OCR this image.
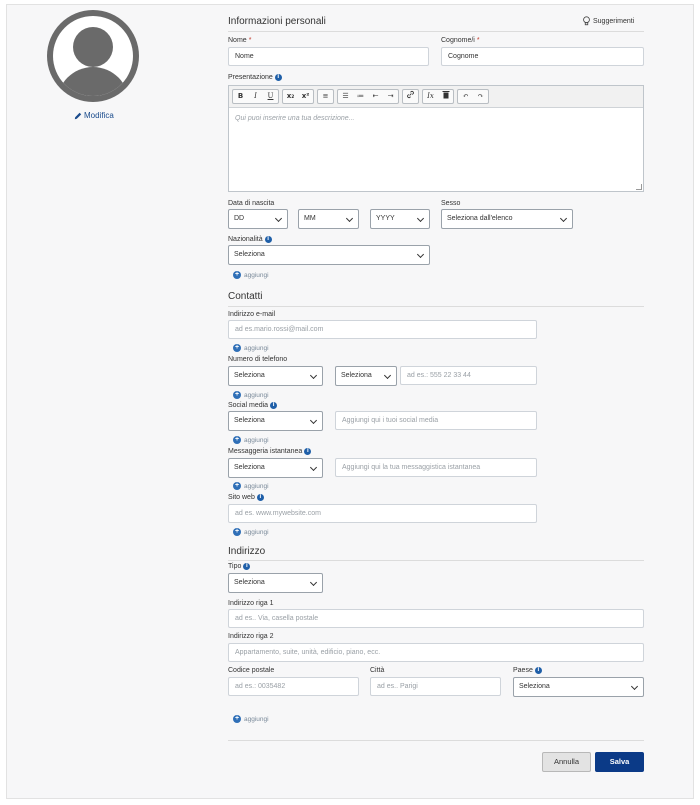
Modifica
Informazioni personali	Suggerimenti
Nome *
Nome
Cognome/i *
Cognome
Presentazione i
B	I	U	x₂	x²	≡	☰	≔	⇤	⇥	Ix	↶	↷
Qui puoi inserire una tua descrizione...
Data di nascita
DD	MM	YYYY
Sesso
Seleziona dall'elenco
Nazionalità i
Seleziona
+ aggiungi
Contatti
Indirizzo e-mail
ad es.mario.rossi@mail.com
+ aggiungi
Numero di telefono
Seleziona	Seleziona	ad es.: 555 22 33 44
+ aggiungi
Social media i
Seleziona	Aggiungi qui i tuoi social media
+ aggiungi
Messaggeria istantanea i
Seleziona	Aggiungi qui la tua messaggistica istantanea
+ aggiungi
Sito web i
ad es. www.mywebsite.com
+ aggiungi
Indirizzo
Tipo i
Seleziona
Indirizzo riga 1
ad es.. Via, casella postale
Indirizzo riga 2
Appartamento, suite, unità, edificio, piano, ecc.
Codice postale
ad es.: 0035482
Città
ad es.. Parigi
Paese i
Seleziona
+ aggiungi
Annulla	Salva
